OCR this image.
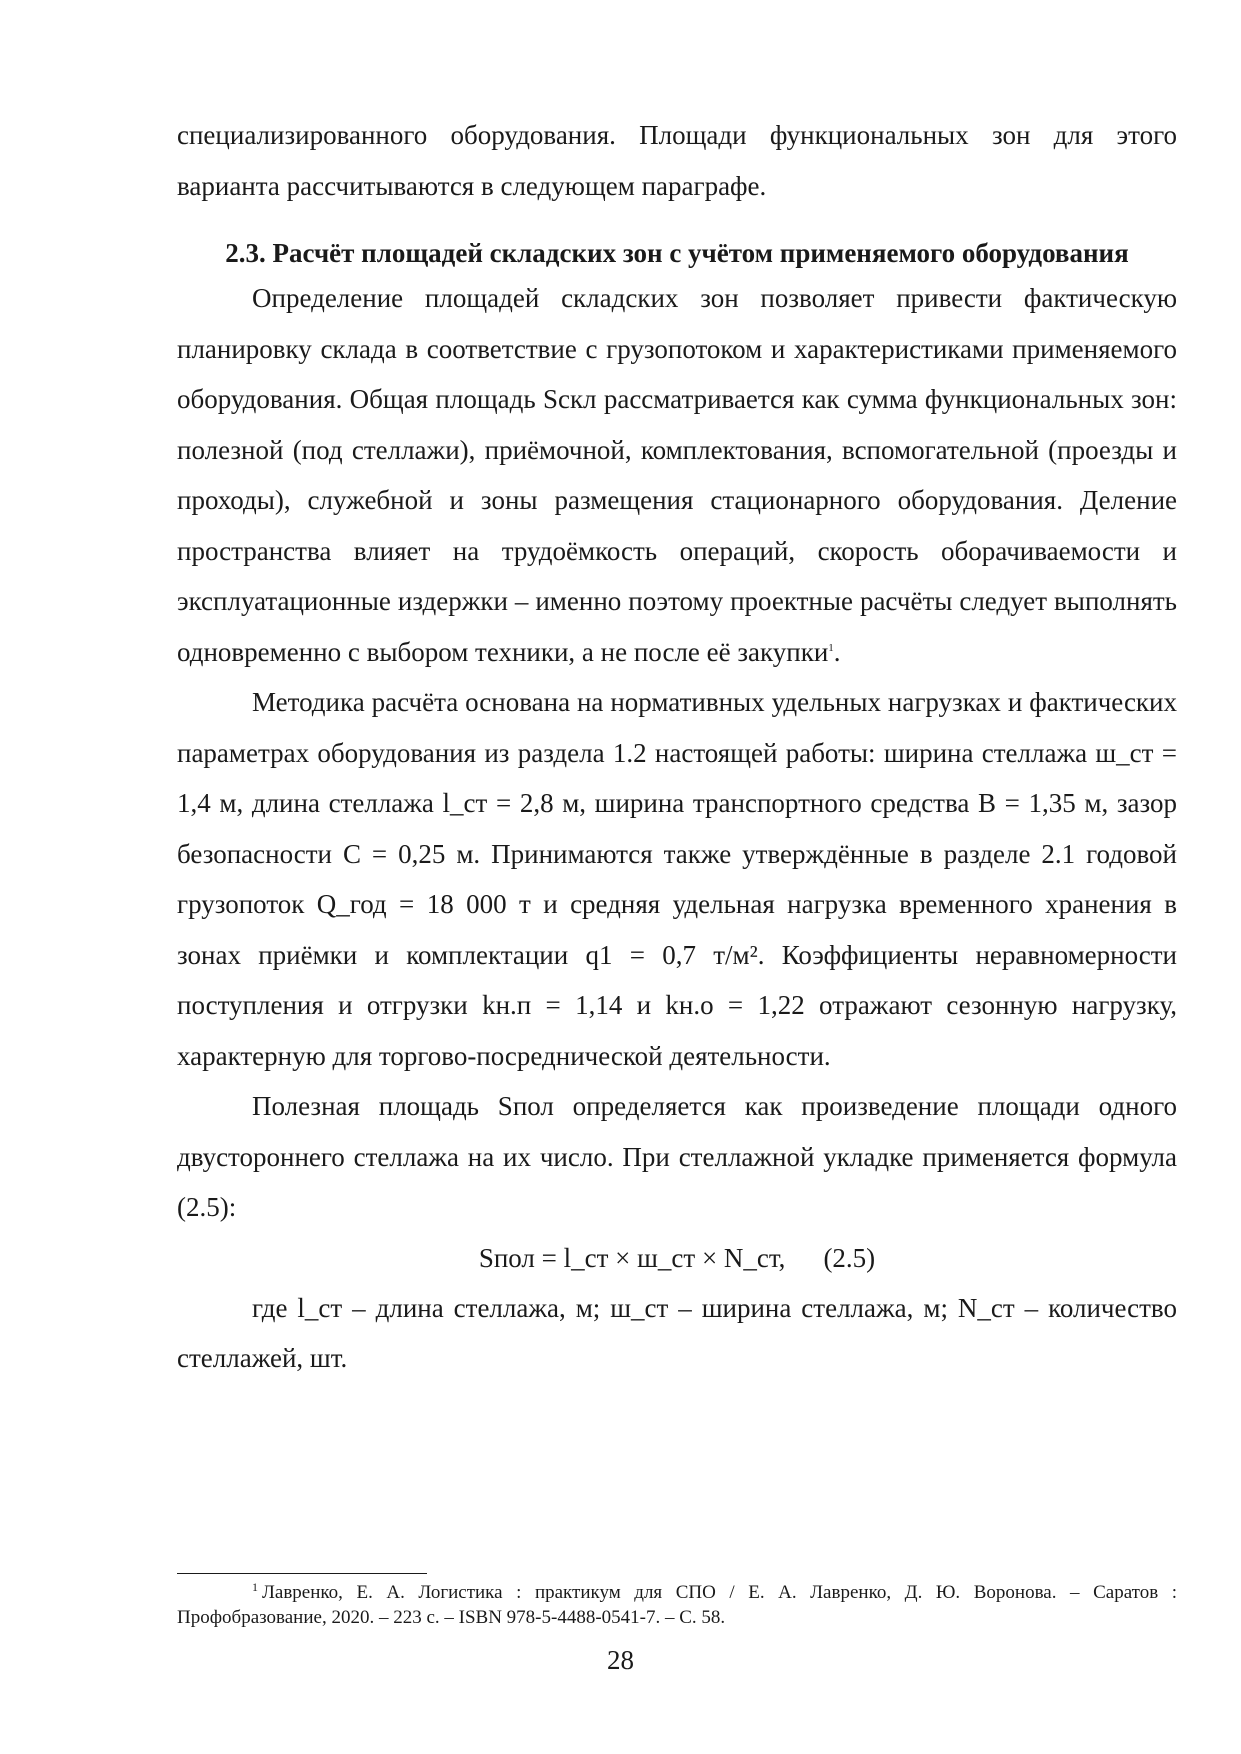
специализированного оборудования. Площади функциональных зон для этого варианта рассчитываются в следующем параграфе.

2.3. Расчёт площадей складских зон с учётом применяемого оборудования

Определение площадей складских зон позволяет привести фактическую планировку склада в соответствие с грузопотоком и характеристиками применяемого оборудования. Общая площадь Sскл рассматривается как сумма функциональных зон: полезной (под стеллажи), приёмочной, комплектования, вспомогательной (проезды и проходы), служебной и зоны размещения стационарного оборудования. Деление пространства влияет на трудоёмкость операций, скорость оборачиваемости и эксплуатационные издержки – именно поэтому проектные расчёты следует выполнять одновременно с выбором техники, а не после её закупки$^1$.

Методика расчёта основана на нормативных удельных нагрузках и фактических параметрах оборудования из раздела 1.2 настоящей работы: ширина стеллажа ш_ст = 1,4 м, длина стеллажа l_ст = 2,8 м, ширина транспортного средства B = 1,35 м, зазор безопасности C = 0,25 м. Принимаются также утверждённые в разделе 2.1 годовой грузопоток Q_год = 18 000 т и средняя удельная нагрузка временного хранения в зонах приёмки и комплектации q1 = 0,7 т/м². Коэффициенты неравномерности поступления и отгрузки kн.п = 1,14 и kн.о = 1,22 отражают сезонную нагрузку, характерную для торгово-посреднической деятельности.

Полезная площадь Sпол определяется как произведение площади одного двустороннего стеллажа на их число. При стеллажной укладке применяется формула (2.5):

Sпол = l_ст × ш_ст × N_ст, (2.5)

где l_ст – длина стеллажа, м; ш_ст – ширина стеллажа, м; N_ст – количество стеллажей, шт.

$^1$ Лавренко, Е. А. Логистика : практикум для СПО / Е. А. Лавренко, Д. Ю. Воронова. – Саратов : Профобразование, 2020. – 223 с. – ISBN 978-5-4488-0541-7. – С. 58.

28
